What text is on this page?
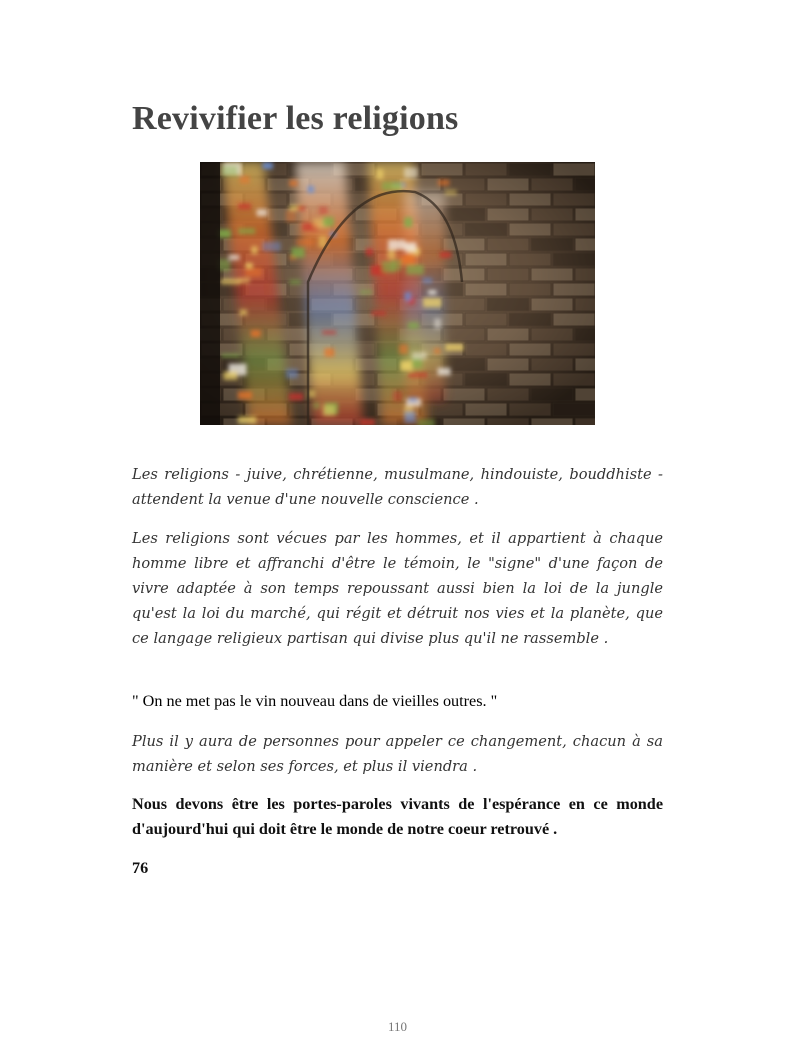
Revivifier les religions

Les religions - juive, chrétienne, musulmane, hindouiste, bouddhiste - attendent la venue d'une nouvelle conscience .

Les religions sont vécues par les hommes, et il appartient à chaque homme libre et affranchi d'être le témoin, le "signe" d'une façon de vivre adaptée à son temps repoussant aussi bien la loi de la jungle qu'est la loi du marché, qui régit et détruit nos vies et la planète, que ce langage religieux partisan qui divise plus qu'il ne rassemble .

" On ne met pas le vin nouveau dans de vieilles outres. "

Plus il y aura de personnes pour appeler ce changement, chacun à sa manière et selon ses forces, et plus il viendra .

Nous devons être les portes-paroles vivants de l'espérance en ce monde d'aujourd'hui qui doit être le monde de notre coeur retrouvé .

76

110
